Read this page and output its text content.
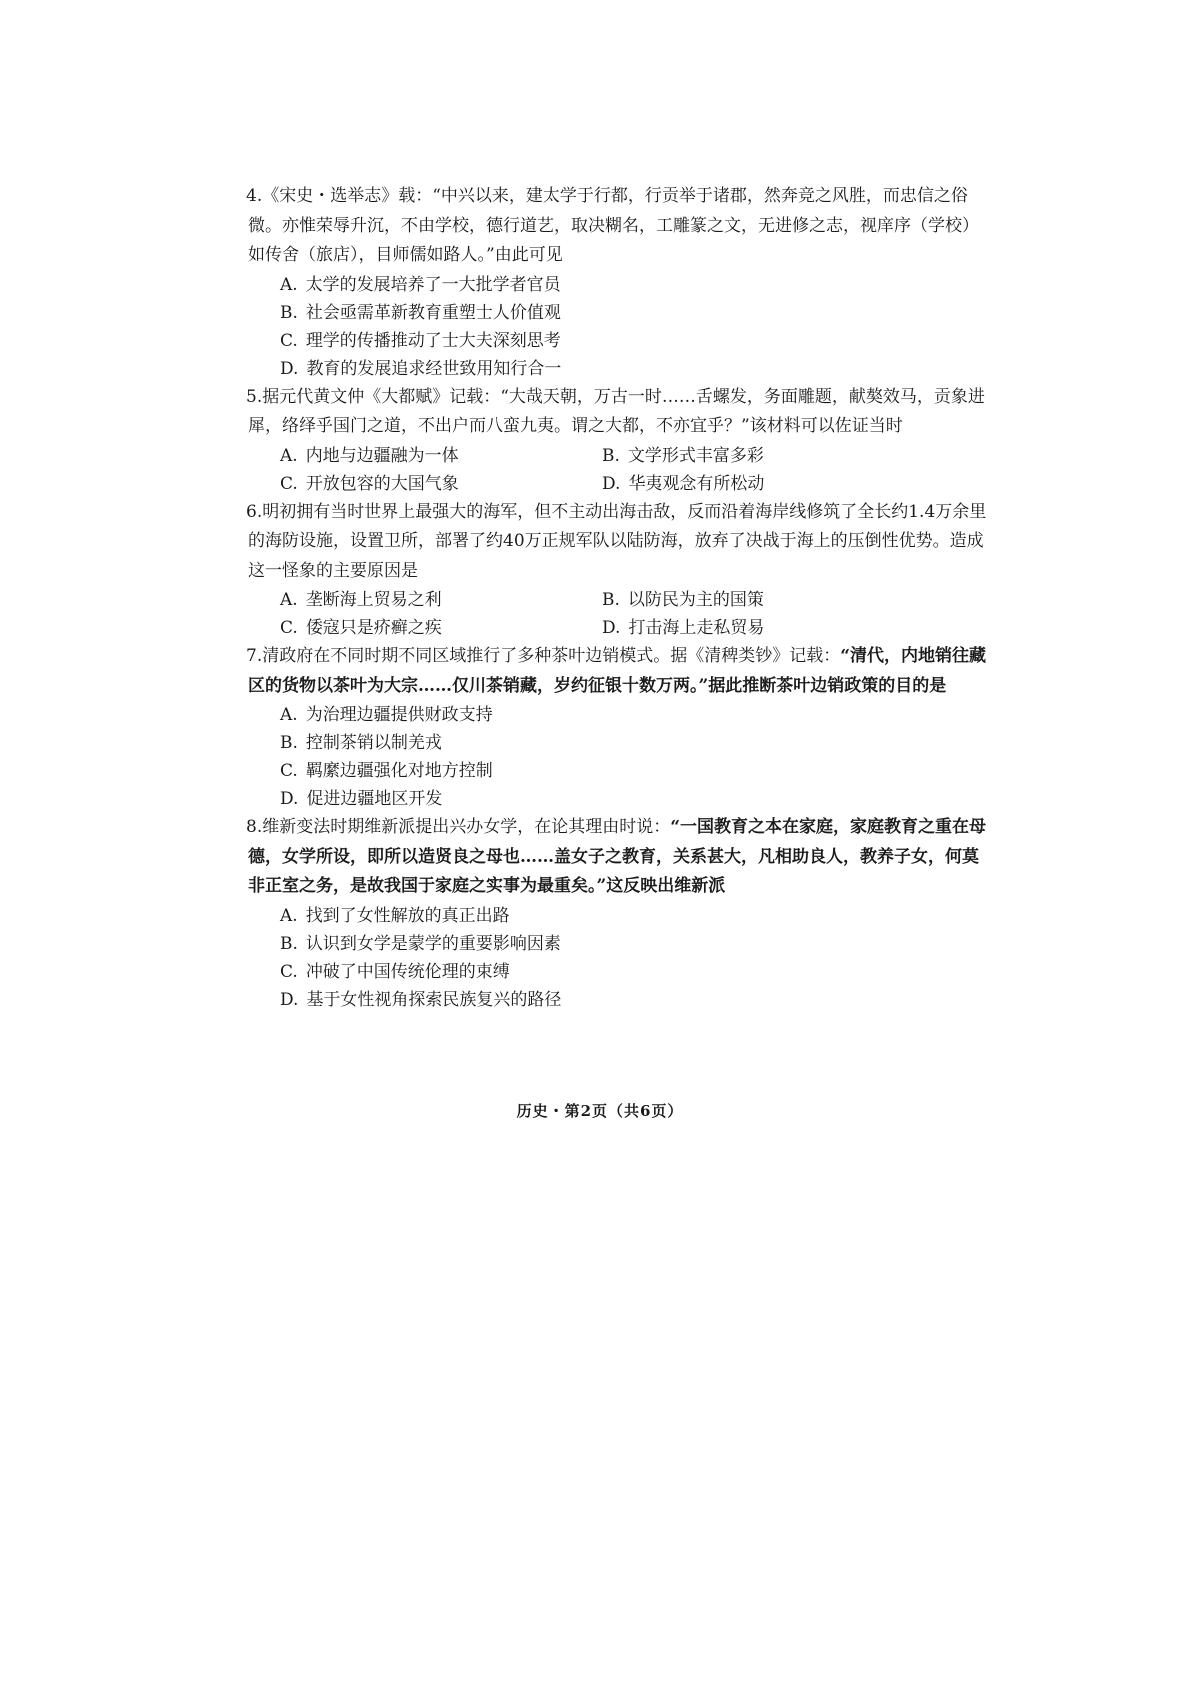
4.《宋史・选举志》载：“中兴以来，建太学于行都，行贡举于诸郡，然奔竞之风胜，而忠信之俗微。亦惟荣辱升沉，不由学校，德行道艺，取决糊名，工雕篆之文，无进修之志，视庠序（学校）如传舍（旅店），目师儒如路人。”由此可见
A. 太学的发展培养了一大批学者官员
B. 社会亟需革新教育重塑士人价值观
C. 理学的传播推动了士大夫深刻思考
D. 教育的发展追求经世致用知行合一
5.据元代黄文仲《大都赋》记载：“大哉天朝，万古一时……舌螺发，务面雕题，献獒效马，贡象进犀，络绎乎国门之道，不出户而八蛮九夷。谓之大都，不亦宜乎？”该材料可以佐证当时
A. 内地与边疆融为一体	B. 文学形式丰富多彩
C. 开放包容的大国气象	D. 华夷观念有所松动
6.明初拥有当时世界上最强大的海军，但不主动出海击敌，反而沿着海岸线修筑了全长约1.4万余里的海防设施，设置卫所，部署了约40万正规军队以陆防海，放弃了决战于海上的压倒性优势。造成这一怪象的主要原因是
A. 垄断海上贸易之利	B. 以防民为主的国策
C. 倭寇只是疥癣之疾	D. 打击海上走私贸易
7.清政府在不同时期不同区域推行了多种茶叶边销模式。据《清稗类钞》记载：“清代，内地销往藏区的货物以茶叶为大宗……仅川茶销藏，岁约征银十数万两。”据此推断茶叶边销政策的目的是
A. 为治理边疆提供财政支持
B. 控制茶销以制羌戎
C. 羁縻边疆强化对地方控制
D. 促进边疆地区开发
8.维新变法时期维新派提出兴办女学，在论其理由时说：“一国教育之本在家庭，家庭教育之重在母德，女学所设，即所以造贤良之母也……盖女子之教育，关系甚大，凡相助良人，教养子女，何莫非正室之务，是故我国于家庭之实事为最重矣。”这反映出维新派
A. 找到了女性解放的真正出路
B. 认识到女学是蒙学的重要影响因素
C. 冲破了中国传统伦理的束缚
D. 基于女性视角探索民族复兴的路径
历史・第2页（共6页）
